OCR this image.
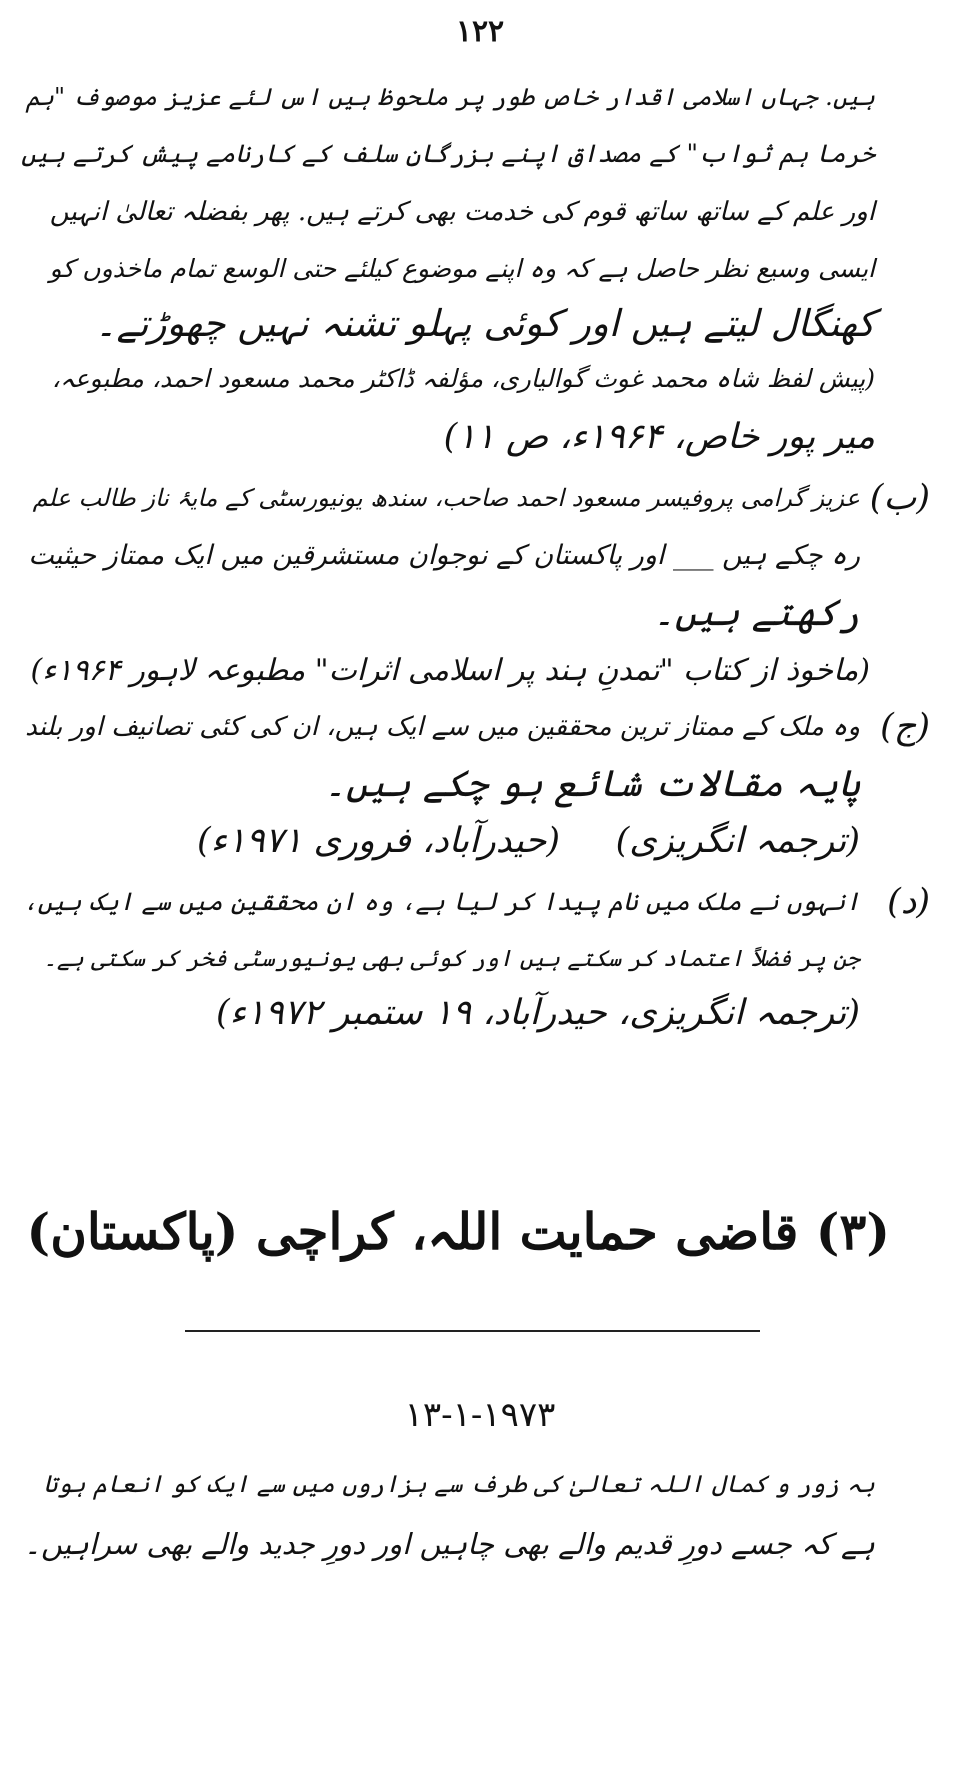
۱۲۲
ہیں. جہاں اسلامی اقدار خاص طور پر ملحوظ ہیں اس لئے عزیز موصوف "ہم
خرما ہم ثواب" کے مصداق اپنے بزرگانِ سلف کے کارنامے پیش کرتے ہیں
اور علم کے ساتھ ساتھ قوم کی خدمت بھی کرتے ہیں. پھر بفضلہ تعالیٰ انہیں
ایسی وسیع نظر حاصل ہے کہ وہ اپنے موضوع کیلئے حتی الوسع تمام ماخذوں کو
کھنگال لیتے ہیں اور کوئی پہلو تشنہ نہیں چھوڑتے۔
(پیش لفظ شاہ محمد غوث گوالیاری، مؤلفہ ڈاکٹر محمد مسعود احمد، مطبوعہ،
میر پور خاص، ۱۹۶۴ء، ص ۱۱)
(ب)
عزیز گرامی پروفیسر مسعود احمد صاحب، سندھ یونیورسٹی کے مایۂ ناز طالب علم
رہ چکے ہیں ___ اور پاکستان کے نوجوان مستشرقین میں ایک ممتاز حیثیت
رکھتے ہیں۔
(ماخوذ از کتاب "تمدنِ ہند پر اسلامی اثرات" مطبوعہ لاہور ۱۹۶۴ء)
(ج)
وہ ملک کے ممتاز ترین محققین میں سے ایک ہیں، ان کی کئی تصانیف اور بلند
پایہ مقالات شائع ہو چکے ہیں۔
(ترجمہ انگریزی)
(حیدرآباد، فروری ۱۹۷۱ء)
(د)
انہوں نے ملک میں نام پیدا کر لیا ہے، وہ ان محققین میں سے ایک ہیں،
جن پر فضلاً اعتماد کر سکتے ہیں اور کوئی بھی یونیورسٹی فخر کر سکتی ہے۔
(ترجمہ انگریزی، حیدرآباد، ۱۹ ستمبر ۱۹۷۲ء)
(۳) قاضی حمایت اللہ، کراچی (پاکستان)
۱۳-۱-۱۹۷۳
بہ زور و کمال اللہ تعالیٰ کی طرف سے ہزاروں میں سے ایک کو انعام ہوتا
ہے کہ جسے دورِ قدیم والے بھی چاہیں اور دورِ جدید والے بھی سراہیں۔
